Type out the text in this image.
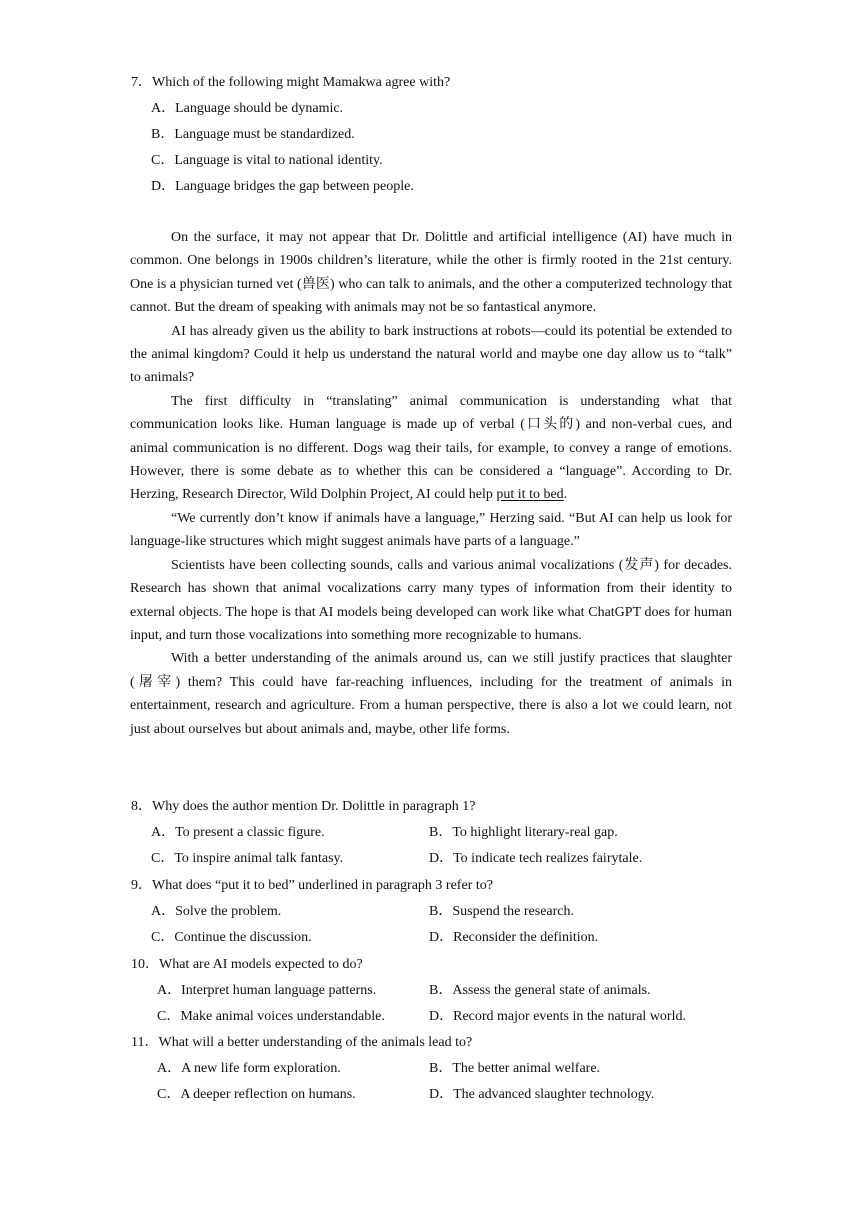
7．Which of the following might Mamakwa agree with?
A．Language should be dynamic.
B．Language must be standardized.
C．Language is vital to national identity.
D．Language bridges the gap between people.

On the surface, it may not appear that Dr. Dolittle and artificial intelligence (AI) have much in common. One belongs in 1900s children’s literature, while the other is firmly rooted in the 21st century. One is a physician turned vet (兽医) who can talk to animals, and the other a computerized technology that cannot. But the dream of speaking with animals may not be so fantastical anymore.

AI has already given us the ability to bark instructions at robots—could its potential be extended to the animal kingdom? Could it help us understand the natural world and maybe one day allow us to “talk” to animals?

The first difficulty in “translating” animal communication is understanding what that communication looks like. Human language is made up of verbal (口头的) and non-verbal cues, and animal communication is no different. Dogs wag their tails, for example, to convey a range of emotions. However, there is some debate as to whether this can be considered a “language”. According to Dr. Herzing, Research Director, Wild Dolphin Project, AI could help put it to bed.

“We currently don’t know if animals have a language,” Herzing said. “But AI can help us look for language-like structures which might suggest animals have parts of a language.”

Scientists have been collecting sounds, calls and various animal vocalizations (发声) for decades. Research has shown that animal vocalizations carry many types of information from their identity to external objects. The hope is that AI models being developed can work like what ChatGPT does for human input, and turn those vocalizations into something more recognizable to humans.

With a better understanding of the animals around us, can we still justify practices that slaughter (屠宰) them? This could have far-reaching influences, including for the treatment of animals in entertainment, research and agriculture. From a human perspective, there is also a lot we could learn, not just about ourselves but about animals and, maybe, other life forms.

8．Why does the author mention Dr. Dolittle in paragraph 1?
A．To present a classic figure.	B．To highlight literary-real gap.
C．To inspire animal talk fantasy.	D．To indicate tech realizes fairytale.
9．What does “put it to bed” underlined in paragraph 3 refer to?
A．Solve the problem.	B．Suspend the research.
C．Continue the discussion.	D．Reconsider the definition.
10．What are AI models expected to do?
A．Interpret human language patterns.	B．Assess the general state of animals.
C．Make animal voices understandable.	D．Record major events in the natural world.
11．What will a better understanding of the animals lead to?
A．A new life form exploration.	B．The better animal welfare.
C．A deeper reflection on humans.	D．The advanced slaughter technology.
